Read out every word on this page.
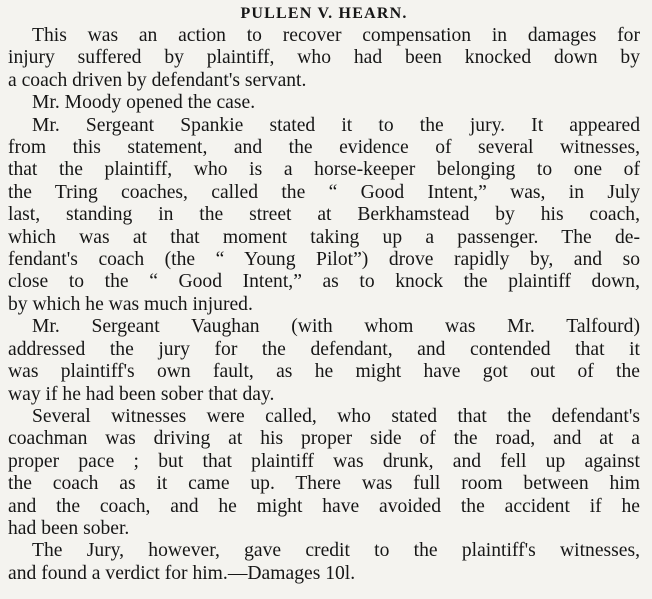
PULLEN V. HEARN.
This was an action to recover compensation in damages for
injury suffered by plaintiff, who had been knocked down by
a coach driven by defendant's servant.
Mr. Moody opened the case.
Mr. Sergeant Spankie stated it to the jury. It appeared
from this statement, and the evidence of several witnesses,
that the plaintiff, who is a horse-keeper belonging to one of
the Tring coaches, called the “ Good Intent,” was, in July
last, standing in the street at Berkhamstead by his coach,
which was at that moment taking up a passenger. The de-
fendant's coach (the “ Young Pilot”) drove rapidly by, and so
close to the “ Good Intent,” as to knock the plaintiff down,
by which he was much injured.
Mr. Sergeant Vaughan (with whom was Mr. Talfourd)
addressed the jury for the defendant, and contended that it
was plaintiff's own fault, as he might have got out of the
way if he had been sober that day.
Several witnesses were called, who stated that the defendant's
coachman was driving at his proper side of the road, and at a
proper pace ; but that plaintiff was drunk, and fell up against
the coach as it came up. There was full room between him
and the coach, and he might have avoided the accident if he
had been sober.
The Jury, however, gave credit to the plaintiff's witnesses,
and found a verdict for him.—Damages 10l.
